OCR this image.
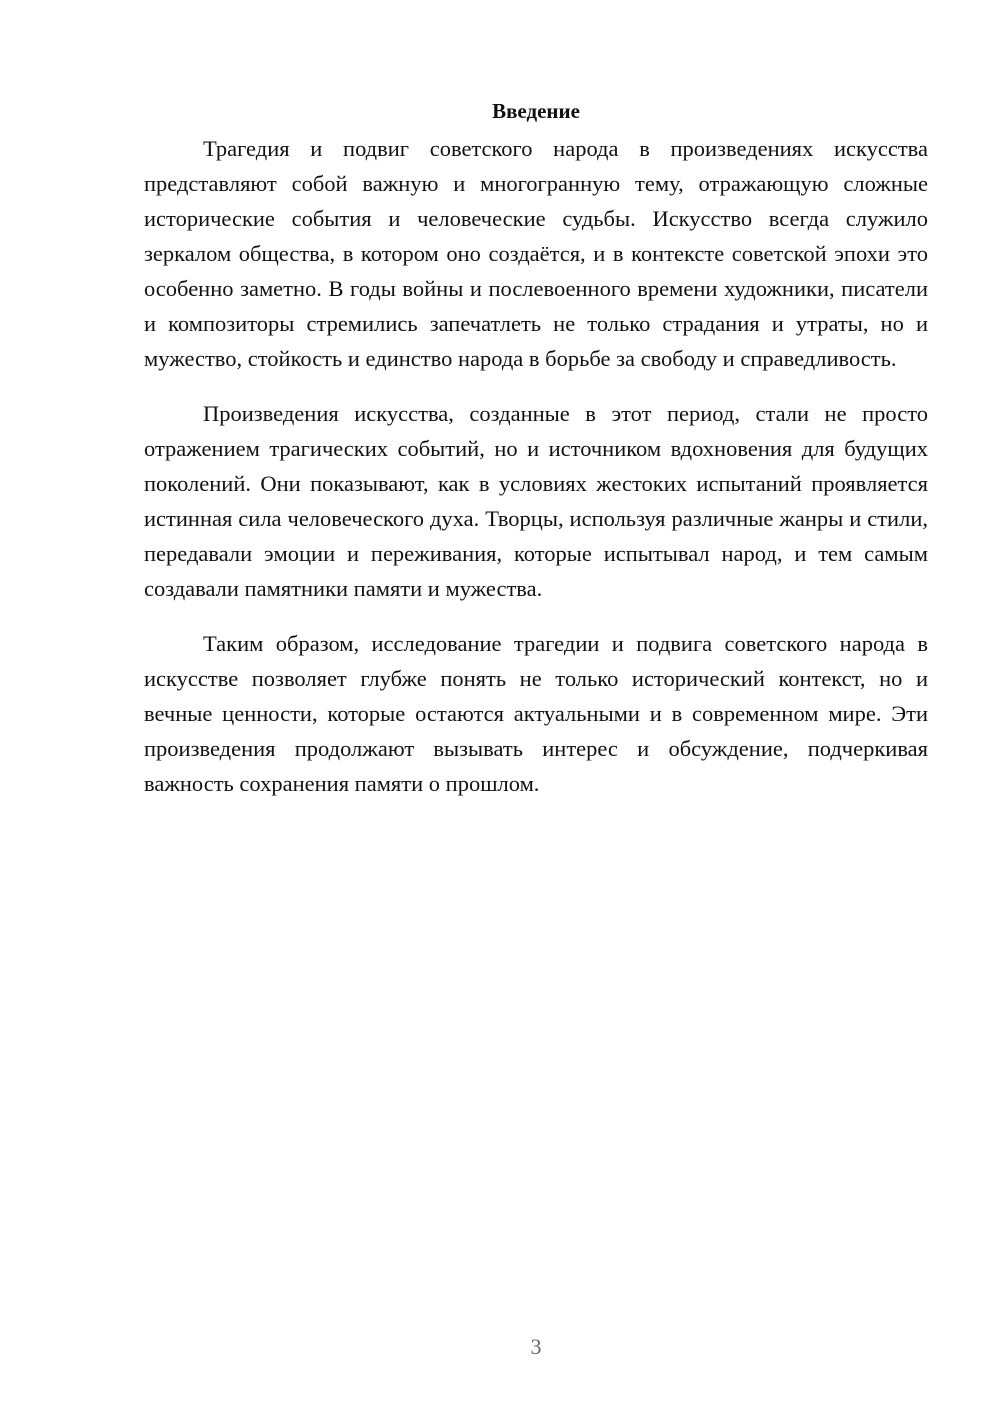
Введение

Трагедия и подвиг советского народа в произведениях искусства представляют собой важную и многогранную тему, отражающую сложные исторические события и человеческие судьбы. Искусство всегда служило зеркалом общества, в котором оно создаётся, и в контексте советской эпохи это особенно заметно. В годы войны и послевоенного времени художники, писатели и композиторы стремились запечатлеть не только страдания и утраты, но и мужество, стойкость и единство народа в борьбе за свободу и справедливость.

Произведения искусства, созданные в этот период, стали не просто отражением трагических событий, но и источником вдохновения для будущих поколений. Они показывают, как в условиях жестоких испытаний проявляется истинная сила человеческого духа. Творцы, используя различные жанры и стили, передавали эмоции и переживания, которые испытывал народ, и тем самым создавали памятники памяти и мужества.

Таким образом, исследование трагедии и подвига советского народа в искусстве позволяет глубже понять не только исторический контекст, но и вечные ценности, которые остаются актуальными и в современном мире. Эти произведения продолжают вызывать интерес и обсуждение, подчеркивая важность сохранения памяти о прошлом.

3
